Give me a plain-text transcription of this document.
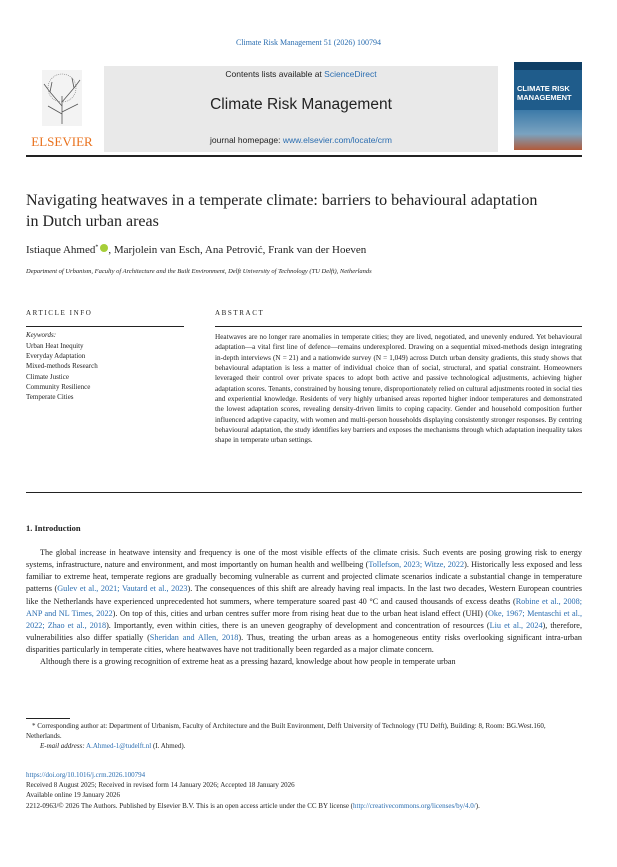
Climate Risk Management 51 (2026) 100794
ELSEVIER
Contents lists available at ScienceDirect
Climate Risk Management
journal homepage: www.elsevier.com/locate/crm
CLIMATE RISK MANAGEMENT
Navigating heatwaves in a temperate climate: barriers to behavioural adaptation in Dutch urban areas
Istiaque Ahmed* , Marjolein van Esch, Ana Petrović, Frank van der Hoeven
Department of Urbanism, Faculty of Architecture and the Built Environment, Delft University of Technology (TU Delft), Netherlands
ARTICLE INFO	ABSTRACT
Keywords:
Urban Heat Inequity
Everyday Adaptation
Mixed-methods Research
Climate Justice
Community Resilience
Temperate Cities
Heatwaves are no longer rare anomalies in temperate cities; they are lived, negotiated, and unevenly endured. Yet behavioural adaptation—a vital first line of defence—remains underexplored. Drawing on a sequential mixed-methods design integrating in-depth interviews (N = 21) and a nationwide survey (N = 1,049) across Dutch urban density gradients, this study shows that behavioural adaptation is less a matter of individual choice than of social, structural, and spatial constraint. Homeowners leveraged their control over private spaces to adopt both active and passive technological adjustments, achieving higher adaptation scores. Tenants, constrained by housing tenure, disproportionately relied on cultural adjustments rooted in social ties and experiential knowledge. Residents of very highly urbanised areas reported higher indoor temperatures and demonstrated the lowest adaptation scores, revealing density-driven limits to coping capacity. Gender and household composition further influenced adaptive capacity, with women and multi-person households displaying consistently stronger responses. By centring behavioural adaptation, the study identifies key barriers and exposes the mechanisms through which adaptation inequality takes shape in temperate urban settings.
1. Introduction

The global increase in heatwave intensity and frequency is one of the most visible effects of the climate crisis. Such events are posing growing risk to energy systems, infrastructure, nature and environment, and most importantly on human health and wellbeing (Tollefson, 2023; Witze, 2022). Historically less exposed and less familiar to extreme heat, temperate regions are gradually becoming vulnerable as current and projected climate scenarios indicate a substantial change in temperature patterns (Gulev et al., 2021; Vautard et al., 2023). The consequences of this shift are already having real impacts. In the last two decades, Western European countries like the Netherlands have experienced unprecedented hot summers, where temperature soared past 40 °C and caused thousands of excess deaths (Robine et al., 2008; ANP and NL Times, 2022). On top of this, cities and urban centres suffer more from rising heat due to the urban heat island effect (UHI) (Oke, 1967; Mentaschi et al., 2022; Zhao et al., 2018). Importantly, even within cities, there is an uneven geography of development and concentration of resources (Liu et al., 2024), therefore, vulnerabilities also differ spatially (Sheridan and Allen, 2018). Thus, treating the urban areas as a homogeneous entity risks overlooking significant intra-urban disparities particularly in temperate cities, where heatwaves have not traditionally been regarded as a major climate concern.

Although there is a growing recognition of extreme heat as a pressing hazard, knowledge about how people in temperate urban

* Corresponding author at: Department of Urbanism, Faculty of Architecture and the Built Environment, Delft University of Technology (TU Delft), Building: 8, Room: BG.West.160, Netherlands.
E-mail address: A.Ahmed-1@tudelft.nl (I. Ahmed).
https://doi.org/10.1016/j.crm.2026.100794
Received 8 August 2025; Received in revised form 14 January 2026; Accepted 18 January 2026
Available online 19 January 2026
2212-0963/© 2026 The Authors. Published by Elsevier B.V. This is an open access article under the CC BY license (http://creativecommons.org/licenses/by/4.0/).
